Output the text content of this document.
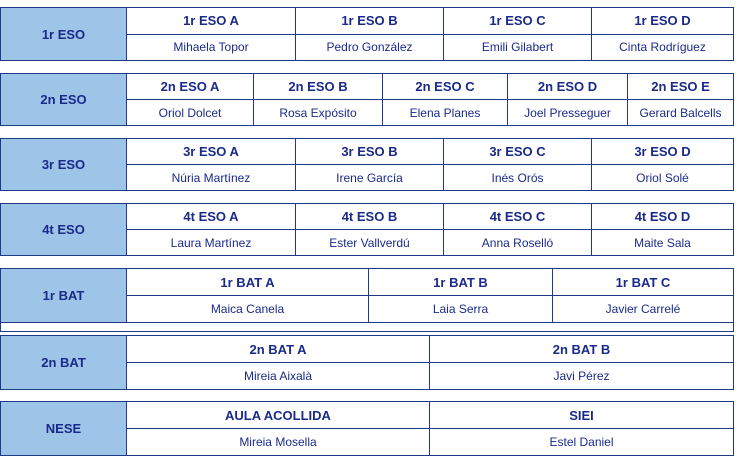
1r ESO
1r ESO A
Mihaela Topor
1r ESO B
Pedro González
1r ESO C
Emili Gilabert
1r ESO D
Cinta Rodríguez
2n ESO
2n ESO A
Oriol Dolcet
2n ESO B
Rosa Expósito
2n ESO C
Elena Planes
2n ESO D
Joel Presseguer
2n ESO E
Gerard Balcells
3r ESO
3r ESO A
Núria Martínez
3r ESO B
Irene García
3r ESO C
Inés Orós
3r ESO D
Oriol Solé
4t ESO
4t ESO A
Laura Martínez
4t ESO B
Ester Vallverdú
4t ESO C
Anna Roselló
4t ESO D
Maite Sala
1r BAT
1r BAT A
Maica Canela
1r BAT B
Laia Serra
1r BAT C
Javier Carrelé
2n BAT
2n BAT A
Mireia Aixalà
2n BAT B
Javi Pérez
NESE
AULA ACOLLIDA
Mireia Mosella
SIEI
Estel Daniel
